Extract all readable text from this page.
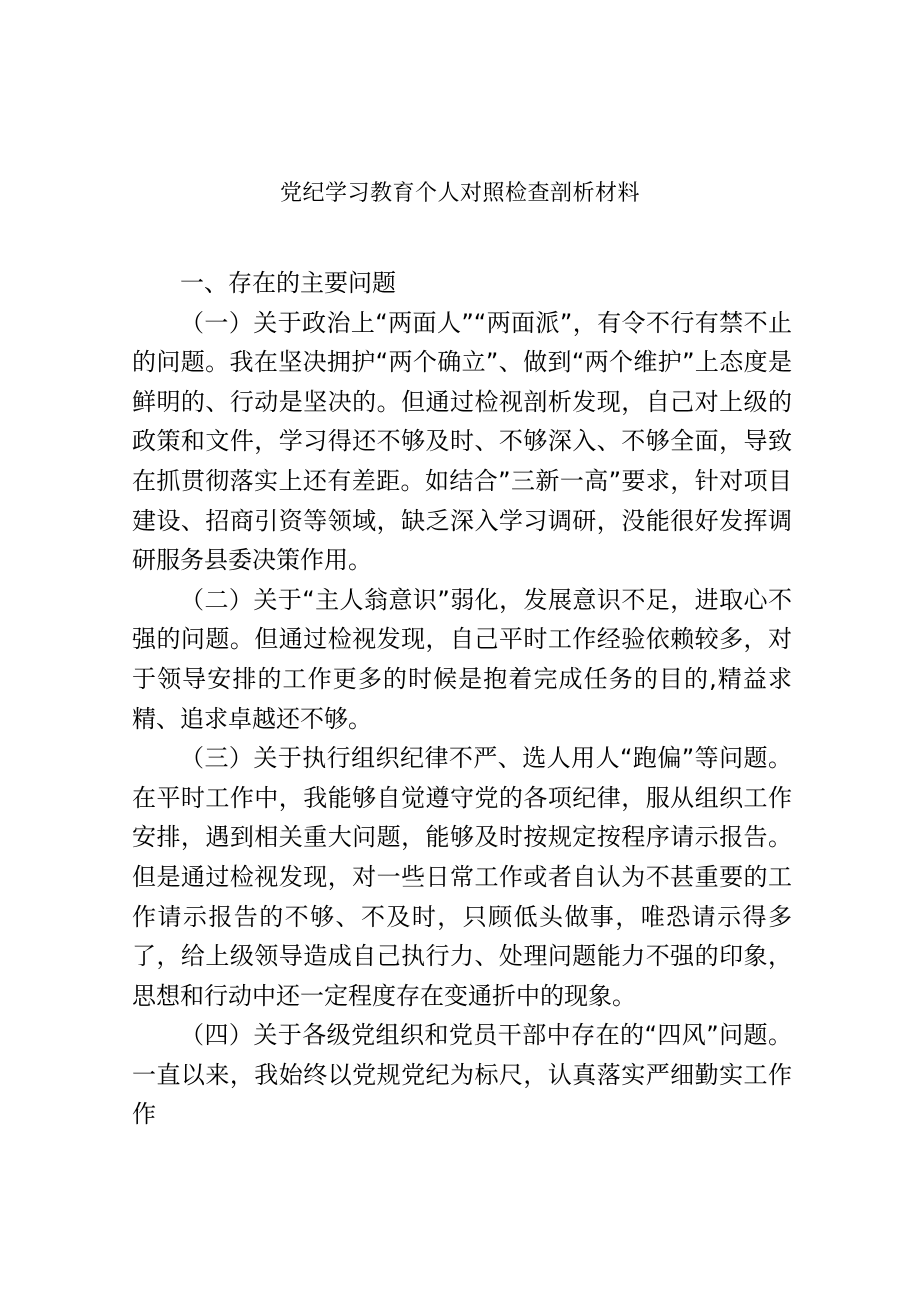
党纪学习教育个人对照检查剖析材料

一、存在的主要问题

（一）关于政治上“两面人”“两面派”，有令不行有禁不止的问题。我在坚决拥护“两个确立”、做到“两个维护”上态度是鲜明的、行动是坚决的。但通过检视剖析发现，自己对上级的政策和文件，学习得还不够及时、不够深入、不够全面，导致在抓贯彻落实上还有差距。如结合”三新一高”要求，针对项目建设、招商引资等领域，缺乏深入学习调研，没能很好发挥调研服务县委决策作用。

（二）关于“主人翁意识”弱化，发展意识不足，进取心不强的问题。但通过检视发现，自己平时工作经验依赖较多，对于领导安排的工作更多的时候是抱着完成任务的目的,精益求精、追求卓越还不够。

（三）关于执行组织纪律不严、选人用人“跑偏”等问题。在平时工作中，我能够自觉遵守党的各项纪律，服从组织工作安排，遇到相关重大问题，能够及时按规定按程序请示报告。但是通过检视发现，对一些日常工作或者自认为不甚重要的工作请示报告的不够、不及时，只顾低头做事，唯恐请示得多了，给上级领导造成自己执行力、处理问题能力不强的印象，思想和行动中还一定程度存在变通折中的现象。

（四）关于各级党组织和党员干部中存在的“四风”问题。一直以来，我始终以党规党纪为标尺，认真落实严细勤实工作作
